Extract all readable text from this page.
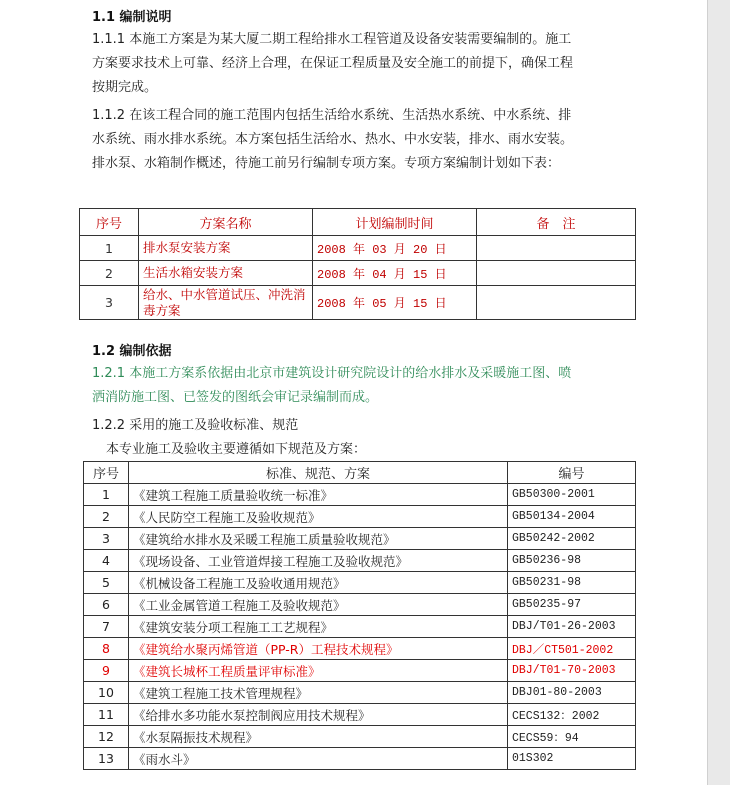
1.1 编制说明
1.1.1 本施工方案是为某大厦二期工程给排水工程管道及设备安装需要编制的。施工
方案要求技术上可靠、经济上合理，在保证工程质量及安全施工的前提下，确保工程
按期完成。
1.1.2 在该工程合同的施工范围内包括生活给水系统、生活热水系统、中水系统、排
水系统、雨水排水系统。本方案包括生活给水、热水、中水安装，排水、雨水安装。
排水泵、水箱制作概述，待施工前另行编制专项方案。专项方案编制计划如下表：
序号	方案名称	计划编制时间	备　注
1	排水泵安装方案	2008 年 03 月 20 日	
2	生活水箱安装方案	2008 年 04 月 15 日	
3	给水、中水管道试压、冲洗消毒方案	2008 年 05 月 15 日	
1.2 编制依据
1.2.1 本施工方案系依据由北京市建筑设计研究院设计的给水排水及采暖施工图、喷
洒消防施工图、已签发的图纸会审记录编制而成。
1.2.2 采用的施工及验收标准、规范
本专业施工及验收主要遵循如下规范及方案：
序号	标准、规范、方案	编号
1	《建筑工程施工质量验收统一标准》	GB50300-2001
2	《人民防空工程施工及验收规范》	GB50134-2004
3	《建筑给水排水及采暖工程施工质量验收规范》	GB50242-2002
4	《现场设备、工业管道焊接工程施工及验收规范》	GB50236-98
5	《机械设备工程施工及验收通用规范》	GB50231-98
6	《工业金属管道工程施工及验收规范》	GB50235-97
7	《建筑安装分项工程施工工艺规程》	DBJ/T01-26-2003
8	《建筑给水聚丙烯管道（PP-R）工程技术规程》	DBJ／CT501-2002
9	《建筑长城杯工程质量评审标准》	DBJ/T01-70-2003
10	《建筑工程施工技术管理规程》	DBJ01-80-2003
11	《给排水多功能水泵控制阀应用技术规程》	CECS132：2002
12	《水泵隔振技术规程》	CECS59：94
13	《雨水斗》	01S302
